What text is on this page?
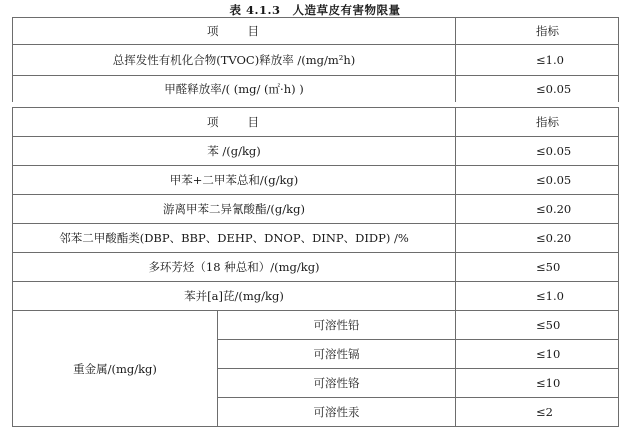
表 4.1.3　人造草皮有害物限量
项　　目	指标
总挥发性有机化合物(TVOC)释放率 /(mg/m²h)	≤1.0
甲醛释放率/( (mg/ (㎡·h) )	≤0.05
项　　目		指标
苯 /(g/kg)		≤0.05
甲苯+二甲苯总和/(g/kg)		≤0.05
游离甲苯二异氰酸酯/(g/kg)		≤0.20
邻苯二甲酸酯类(DBP、BBP、DEHP、DNOP、DINP、DIDP) /%		≤0.20
多环芳烃（18 种总和）/(mg/kg)		≤50
苯并[a]芘/(mg/kg)		≤1.0
重金属/(mg/kg)	可溶性铅	≤50
	可溶性镉	≤10
	可溶性铬	≤10
	可溶性汞	≤2
